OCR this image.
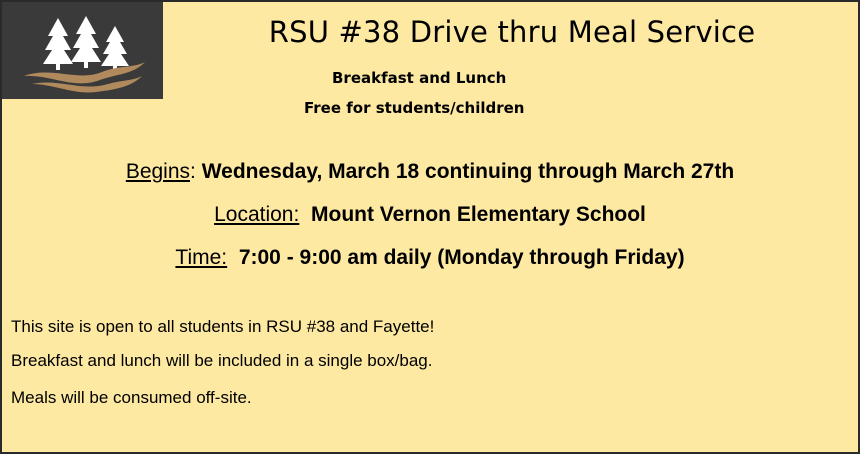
RSU #38 Drive thru Meal Service
Breakfast and Lunch
Free for students/children
Begins: Wednesday, March 18 continuing through March 27th
Location: Mount Vernon Elementary School
Time: 7:00 - 9:00 am daily (Monday through Friday)
This site is open to all students in RSU #38 and Fayette!
Breakfast and lunch will be included in a single box/bag.
Meals will be consumed off-site.
